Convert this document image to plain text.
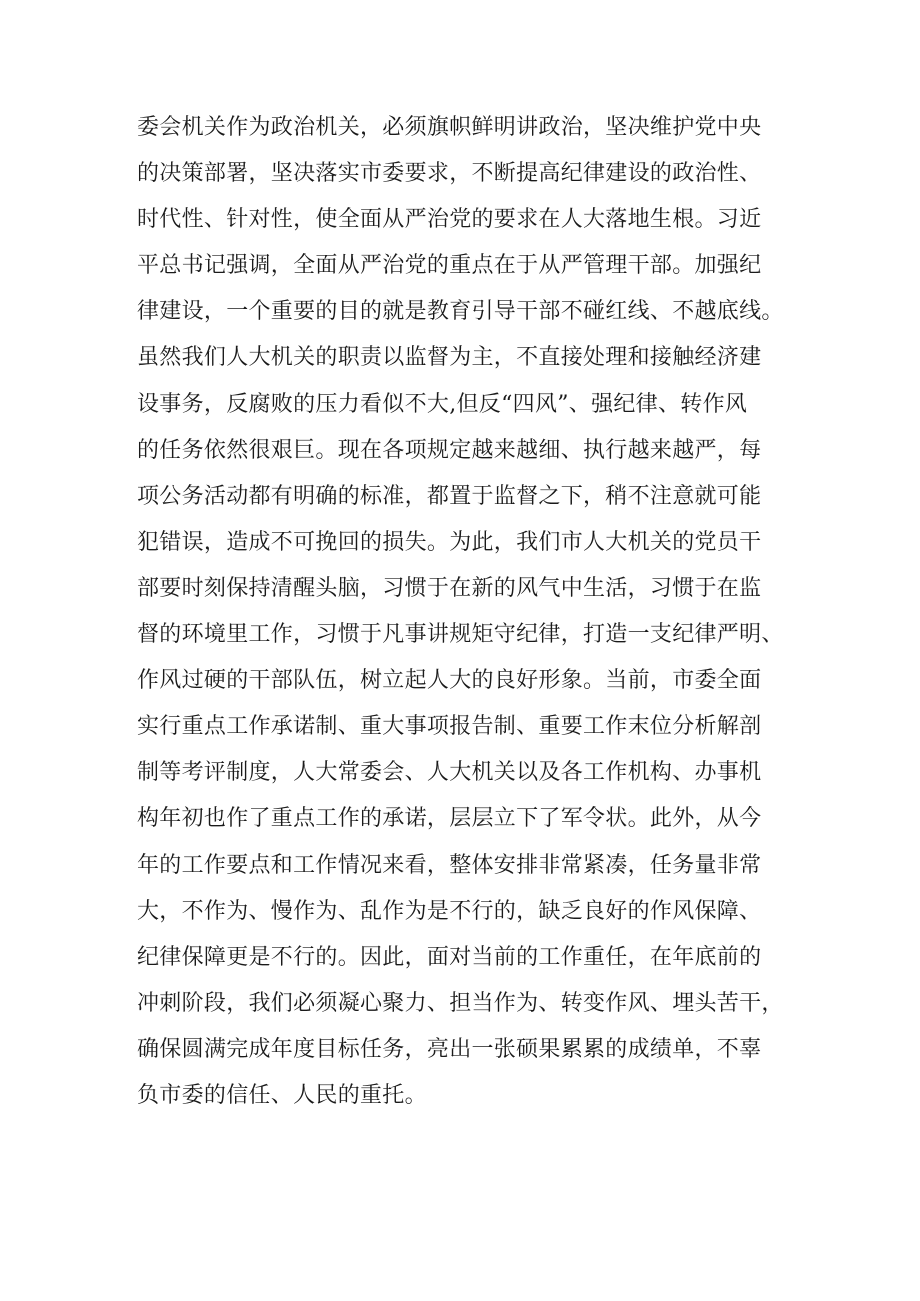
委会机关作为政治机关，必须旗帜鲜明讲政治，坚决维护党中央
的决策部署，坚决落实市委要求，不断提高纪律建设的政治性、
时代性、针对性，使全面从严治党的要求在人大落地生根。习近
平总书记强调，全面从严治党的重点在于从严管理干部。加强纪
律建设，一个重要的目的就是教育引导干部不碰红线、不越底线。
虽然我们人大机关的职责以监督为主，不直接处理和接触经济建
设事务，反腐败的压力看似不大,但反“四风”、强纪律、转作风
的任务依然很艰巨。现在各项规定越来越细、执行越来越严，每
项公务活动都有明确的标准，都置于监督之下，稍不注意就可能
犯错误，造成不可挽回的损失。为此，我们市人大机关的党员干
部要时刻保持清醒头脑，习惯于在新的风气中生活，习惯于在监
督的环境里工作，习惯于凡事讲规矩守纪律，打造一支纪律严明、
作风过硬的干部队伍，树立起人大的良好形象。当前，市委全面
实行重点工作承诺制、重大事项报告制、重要工作末位分析解剖
制等考评制度，人大常委会、人大机关以及各工作机构、办事机
构年初也作了重点工作的承诺，层层立下了军令状。此外，从今
年的工作要点和工作情况来看，整体安排非常紧凑，任务量非常
大，不作为、慢作为、乱作为是不行的，缺乏良好的作风保障、
纪律保障更是不行的。因此，面对当前的工作重任，在年底前的
冲刺阶段，我们必须凝心聚力、担当作为、转变作风、埋头苦干，
确保圆满完成年度目标任务，亮出一张硕果累累的成绩单，不辜
负市委的信任、人民的重托。
